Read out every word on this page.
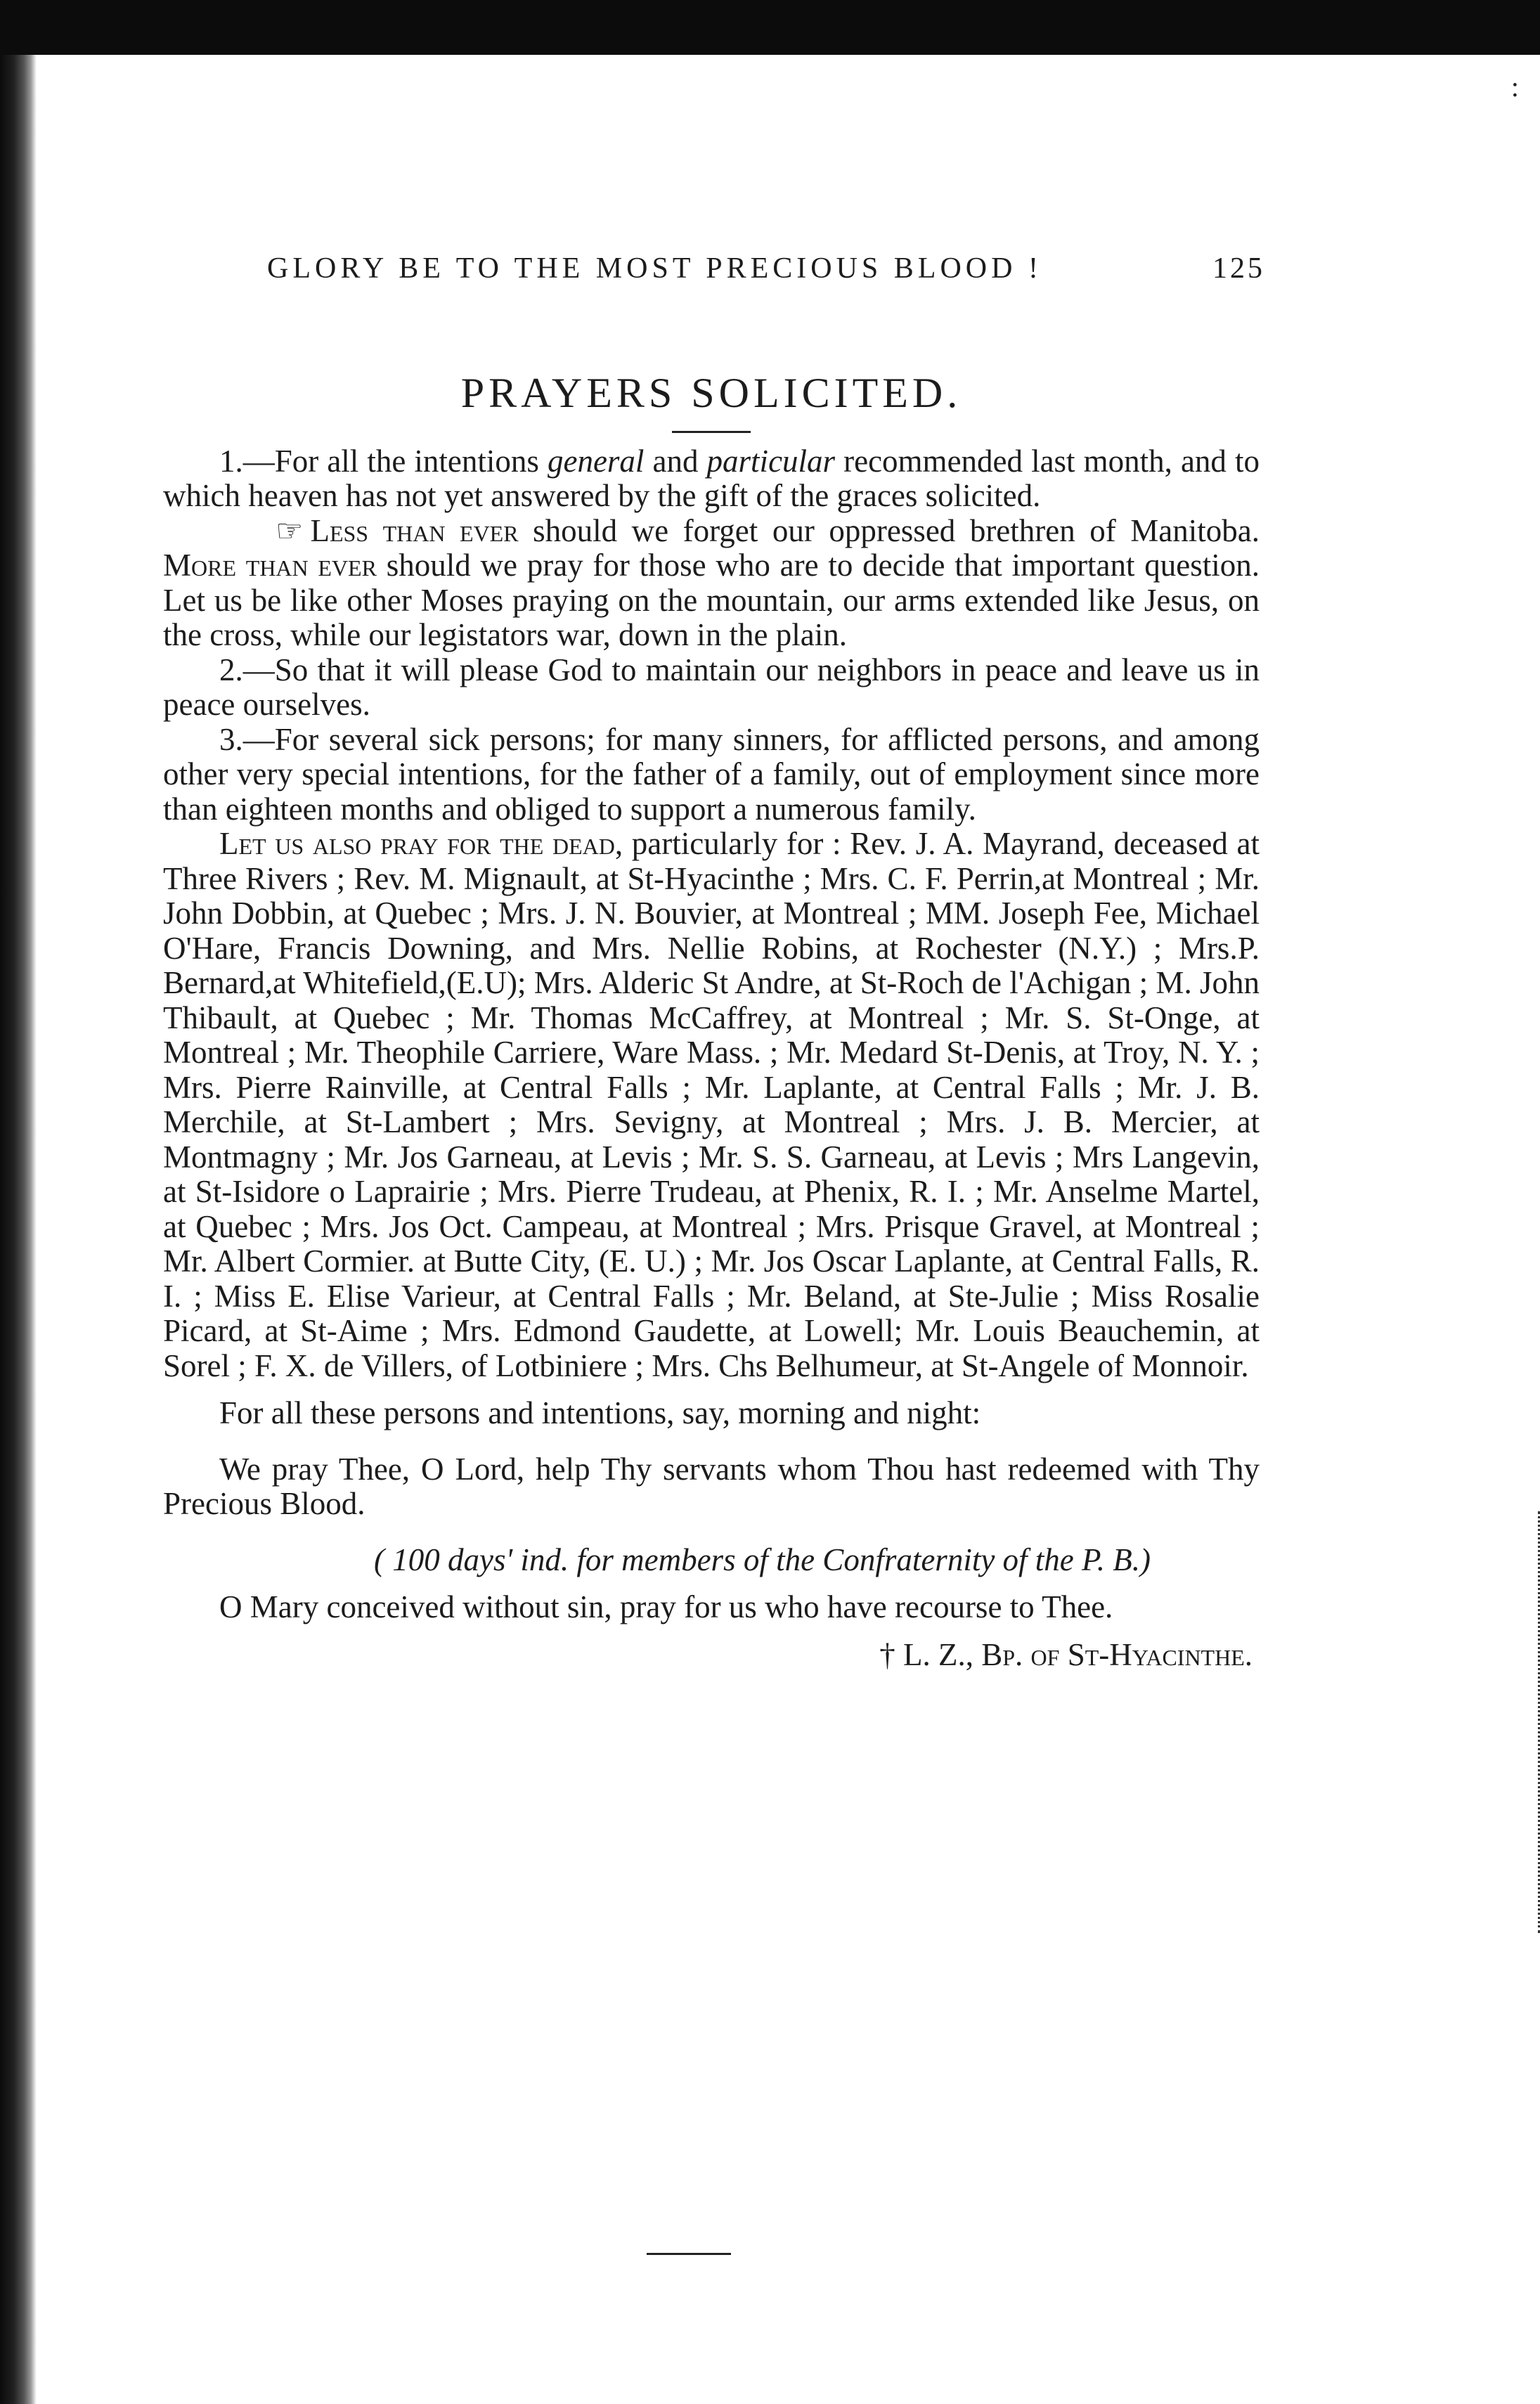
:
GLORY BE TO THE MOST PRECIOUS BLOOD !	125
PRAYERS SOLICITED.

1.—For all the intentions general and particular recommended last month, and to which heaven has not yet answered by the gift of the graces solicited.

☞ Less than ever should we forget our oppressed brethren of Manitoba. More than ever should we pray for those who are to decide that important question. Let us be like other Moses praying on the mountain, our arms extended like Jesus, on the cross, while our legistators war, down in the plain.

2.—So that it will please God to maintain our neighbors in peace and leave us in peace ourselves.

3.—For several sick persons; for many sinners, for afflicted persons, and among other very special intentions, for the father of a family, out of employment since more than eighteen months and obliged to support a numerous family.

Let us also pray for the dead, particularly for : Rev. J. A. Mayrand, deceased at Three Rivers ; Rev. M. Mignault, at St-Hyacinthe ; Mrs. C. F. Perrin,at Montreal ; Mr. John Dobbin, at Quebec ; Mrs. J. N. Bouvier, at Montreal ; MM. Joseph Fee, Michael O'Hare, Francis Downing, and Mrs. Nellie Robins, at Rochester (N.Y.) ; Mrs.P. Bernard,at Whitefield,(E.U); Mrs. Alderic St Andre, at St-Roch de l'Achigan ; M. John Thibault, at Quebec ; Mr. Thomas McCaffrey, at Montreal ; Mr. S. St-Onge, at Montreal ; Mr. Theophile Carriere, Ware Mass. ; Mr. Medard St-Denis, at Troy, N. Y. ; Mrs. Pierre Rainville, at Central Falls ; Mr. Laplante, at Central Falls ; Mr. J. B. Merchile, at St-Lambert ; Mrs. Sevigny, at Montreal ; Mrs. J. B. Mercier, at Montmagny ; Mr. Jos Garneau, at Levis ; Mr. S. S. Garneau, at Levis ; Mrs Langevin, at St-Isidore o Laprairie ; Mrs. Pierre Trudeau, at Phenix, R. I. ; Mr. Anselme Martel, at Quebec ; Mrs. Jos Oct. Campeau, at Montreal ; Mrs. Prisque Gravel, at Montreal ; Mr. Albert Cormier. at Butte City, (E. U.) ; Mr. Jos Oscar Laplante, at Central Falls, R. I. ; Miss E. Elise Varieur, at Central Falls ; Mr. Beland, at Ste-Julie ; Miss Rosalie Picard, at St-Aime ; Mrs. Edmond Gaudette, at Lowell; Mr. Louis Beauchemin, at Sorel ; F. X. de Villers, of Lotbiniere ; Mrs. Chs Belhumeur, at St-Angele of Monnoir.

For all these persons and intentions, say, morning and night:

We pray Thee, O Lord, help Thy servants whom Thou hast redeemed with Thy Precious Blood.

( 100 days' ind. for members of the Confraternity of the P. B.)

O Mary conceived without sin, pray for us who have recourse to Thee.

† L. Z., Bp. of St-Hyacinthe.
